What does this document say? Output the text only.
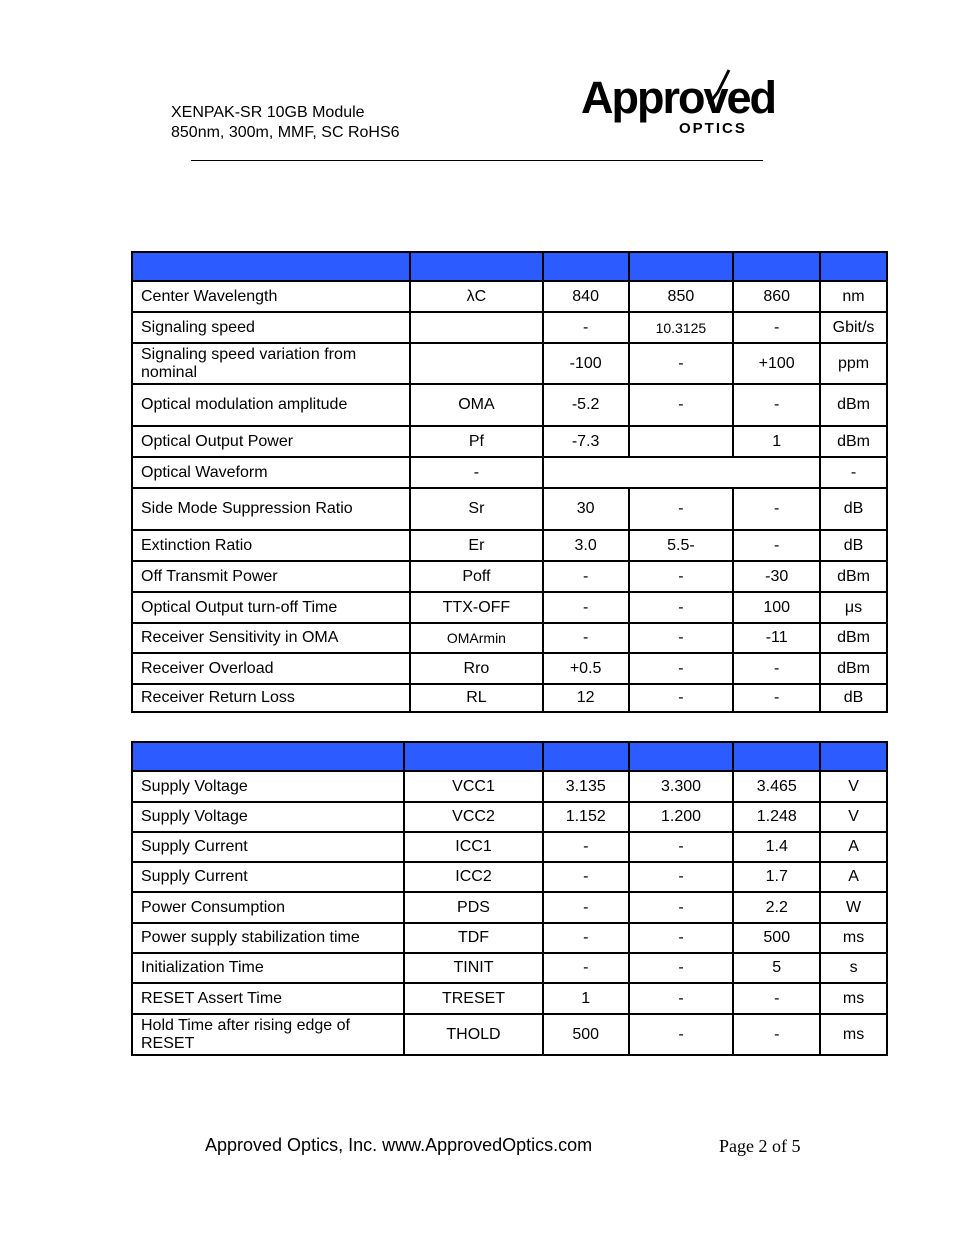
XENPAK-SR 10GB Module
850nm, 300m, MMF, SC RoHS6
Approved
OPTICS

Center Wavelength	λC	840	850	860	nm
Signaling speed		-	10.3125	-	Gbit/s
Signaling speed variation from nominal		-100	-	+100	ppm
Optical modulation amplitude	OMA	-5.2	-	-	dBm
Optical Output Power	Pf	-7.3		1	dBm
Optical Waveform	-				-
Side Mode Suppression Ratio	Sr	30	-	-	dB
Extinction Ratio	Er	3.0	5.5-	-	dB
Off Transmit Power	Poff	-	-	-30	dBm
Optical Output turn-off Time	TTX-OFF	-	-	100	μs
Receiver Sensitivity in OMA	OMArmin	-	-	-11	dBm
Receiver Overload	Rro	+0.5	-	-	dBm
Receiver Return Loss	RL	12	-	-	dB

Supply Voltage	VCC1	3.135	3.300	3.465	V
Supply Voltage	VCC2	1.152	1.200	1.248	V
Supply Current	ICC1	-	-	1.4	A
Supply Current	ICC2	-	-	1.7	A
Power Consumption	PDS	-	-	2.2	W
Power supply stabilization time	TDF	-	-	500	ms
Initialization Time	TINIT	-	-	5	s
RESET Assert Time	TRESET	1	-	-	ms
Hold Time after rising edge of RESET	THOLD	500	-	-	ms
Approved Optics, Inc. www.ApprovedOptics.com	Page 2 of 5
